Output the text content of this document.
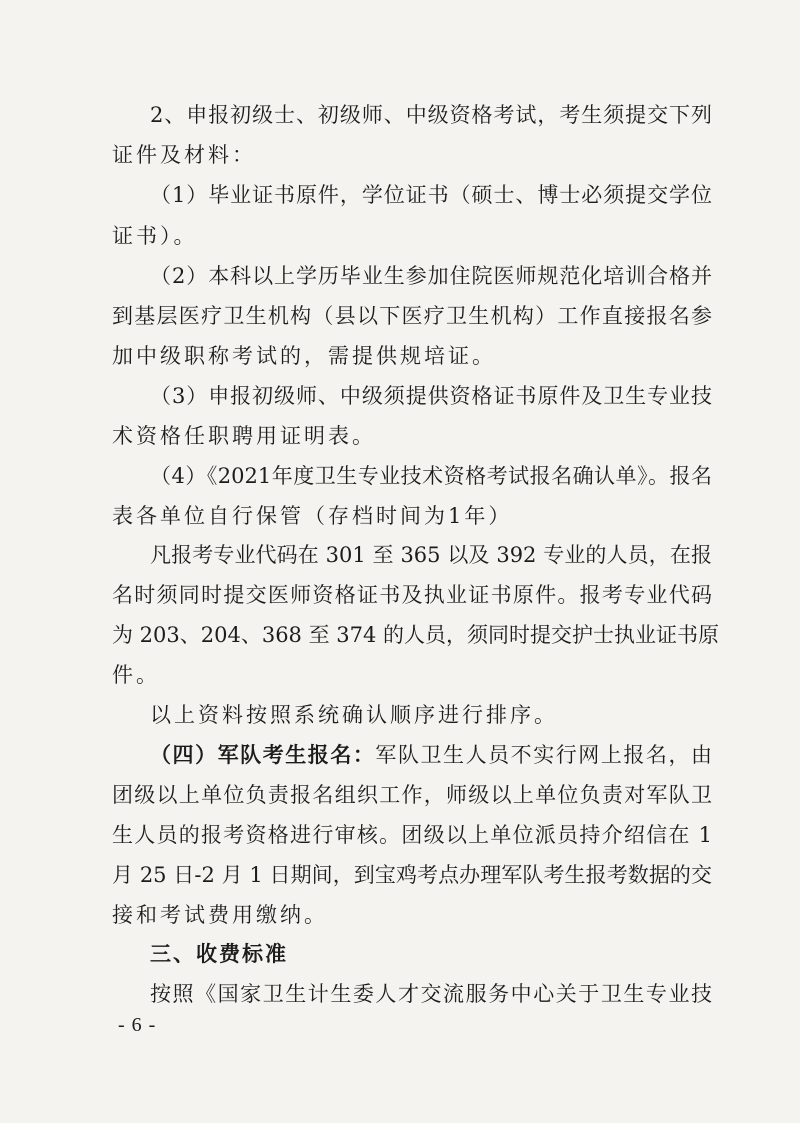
2、申报初级士、初级师、中级资格考试，考生须提交下列
证件及材料：
（1）毕业证书原件，学位证书（硕士、博士必须提交学位
证书）。
（2）本科以上学历毕业生参加住院医师规范化培训合格并
到基层医疗卫生机构（县以下医疗卫生机构）工作直接报名参
加中级职称考试的，需提供规培证。
（3）申报初级师、中级须提供资格证书原件及卫生专业技
术资格任职聘用证明表。
（4）《2021年度卫生专业技术资格考试报名确认单》。报名
表各单位自行保管（存档时间为1年）
凡报考专业代码在 301 至 365 以及 392 专业的人员，在报
名时须同时提交医师资格证书及执业证书原件。报考专业代码
为 203、204、368 至 374 的人员，须同时提交护士执业证书原
件。
以上资料按照系统确认顺序进行排序。
（四）军队考生报名：军队卫生人员不实行网上报名，由
团级以上单位负责报名组织工作，师级以上单位负责对军队卫
生人员的报考资格进行审核。团级以上单位派员持介绍信在 1
月 25 日-2 月 1 日期间，到宝鸡考点办理军队考生报考数据的交
接和考试费用缴纳。
三、收费标准
按照《国家卫生计生委人才交流服务中心关于卫生专业技
- 6 -
